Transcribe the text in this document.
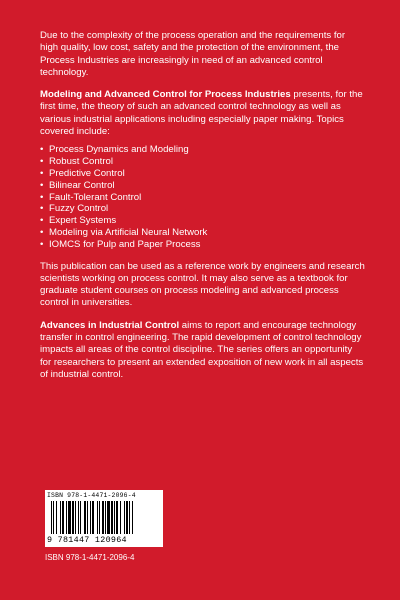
Due to the complexity of the process operation and the requirements for high quality, low cost, safety and the protection of the environment, the Process Industries are increasingly in need of an advanced control technology.

Modeling and Advanced Control for Process Industries presents, for the first time, the theory of such an advanced control technology as well as various industrial applications including especially paper making. Topics covered include:

• Process Dynamics and Modeling
• Robust Control
• Predictive Control
• Bilinear Control
• Fault-Tolerant Control
• Fuzzy Control
• Expert Systems
• Modeling via Artificial Neural Network
• IOMCS for Pulp and Paper Process

This publication can be used as a reference work by engineers and research scientists working on process control. It may also serve as a textbook for graduate student courses on process modeling and advanced process control in universities.

Advances in Industrial Control aims to report and encourage technology transfer in control engineering. The rapid development of control technology impacts all areas of the control discipline. The series offers an opportunity for researchers to present an extended exposition of new work in all aspects of industrial control.

ISBN 978-1-4471-2096-4
9 781447 120964
ISBN 978-1-4471-2096-4
